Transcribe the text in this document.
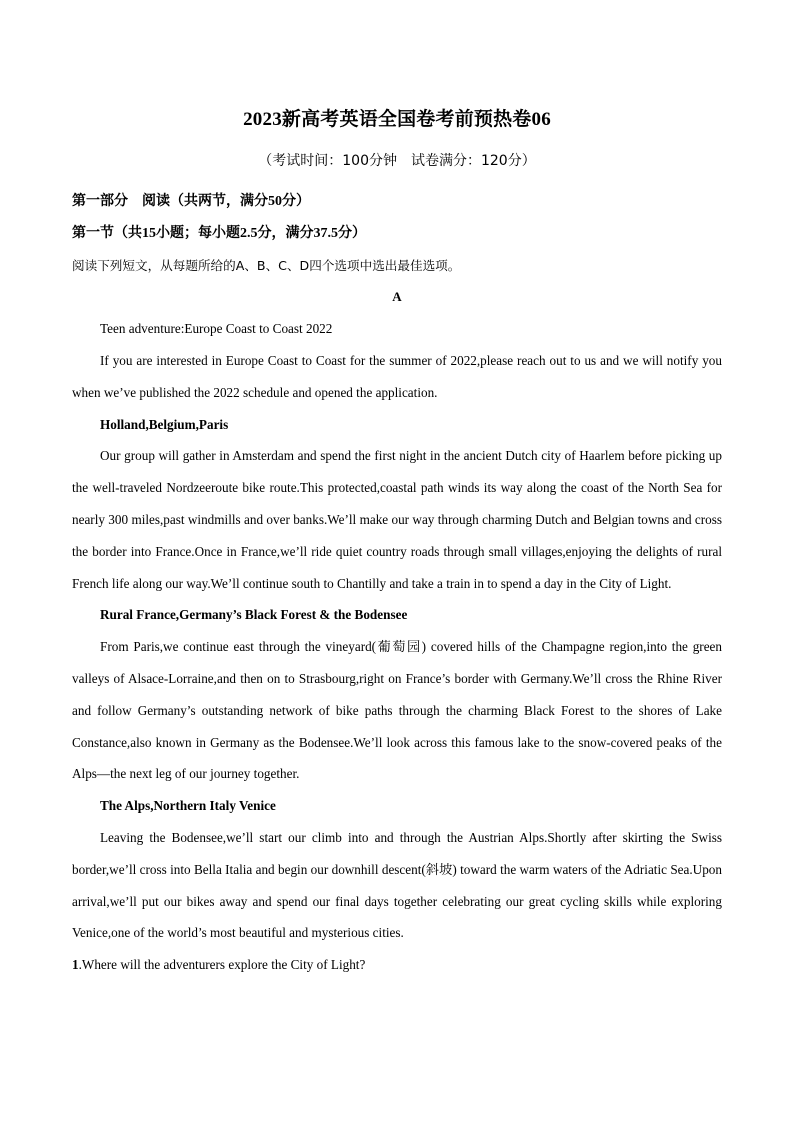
2023新高考英语全国卷考前预热卷06
（考试时间：100分钟　试卷满分：120分）

第一部分　阅读（共两节，满分50分）

第一节（共15小题；每小题2.5分，满分37.5分）

阅读下列短文，从每题所给的A、B、C、D四个选项中选出最佳选项。

A

Teen adventure:Europe Coast to Coast 2022

If you are interested in Europe Coast to Coast for the summer of 2022,please reach out to us and we will notify you when we’ve published the 2022 schedule and opened the application.

Holland,Belgium,Paris

Our group will gather in Amsterdam and spend the first night in the ancient Dutch city of Haarlem before picking up the well-traveled Nordzeeroute bike route.This protected,coastal path winds its way along the coast of the North Sea for nearly 300 miles,past windmills and over banks.We’ll make our way through charming Dutch and Belgian towns and cross the border into France.Once in France,we’ll ride quiet country roads through small villages,enjoying the delights of rural French life along our way.We’ll continue south to Chantilly and take a train in to spend a day in the City of Light.

Rural France,Germany’s Black Forest & the Bodensee

From Paris,we continue east through the vineyard(葡萄园) covered hills of the Champagne region,into the green valleys of Alsace-Lorraine,and then on to Strasbourg,right on France’s border with Germany.We’ll cross the Rhine River and follow Germany’s outstanding network of bike paths through the charming Black Forest to the shores of Lake Constance,also known in Germany as the Bodensee.We’ll look across this famous lake to the snow-covered peaks of the Alps—the next leg of our journey together.

The Alps,Northern Italy Venice

Leaving the Bodensee,we’ll start our climb into and through the Austrian Alps.Shortly after skirting the Swiss border,we’ll cross into Bella Italia and begin our downhill descent(斜坡) toward the warm waters of the Adriatic Sea.Upon arrival,we’ll put our bikes away and spend our final days together celebrating our great cycling skills while exploring Venice,one of the world’s most beautiful and mysterious cities.

1.Where will the adventurers explore the City of Light?
